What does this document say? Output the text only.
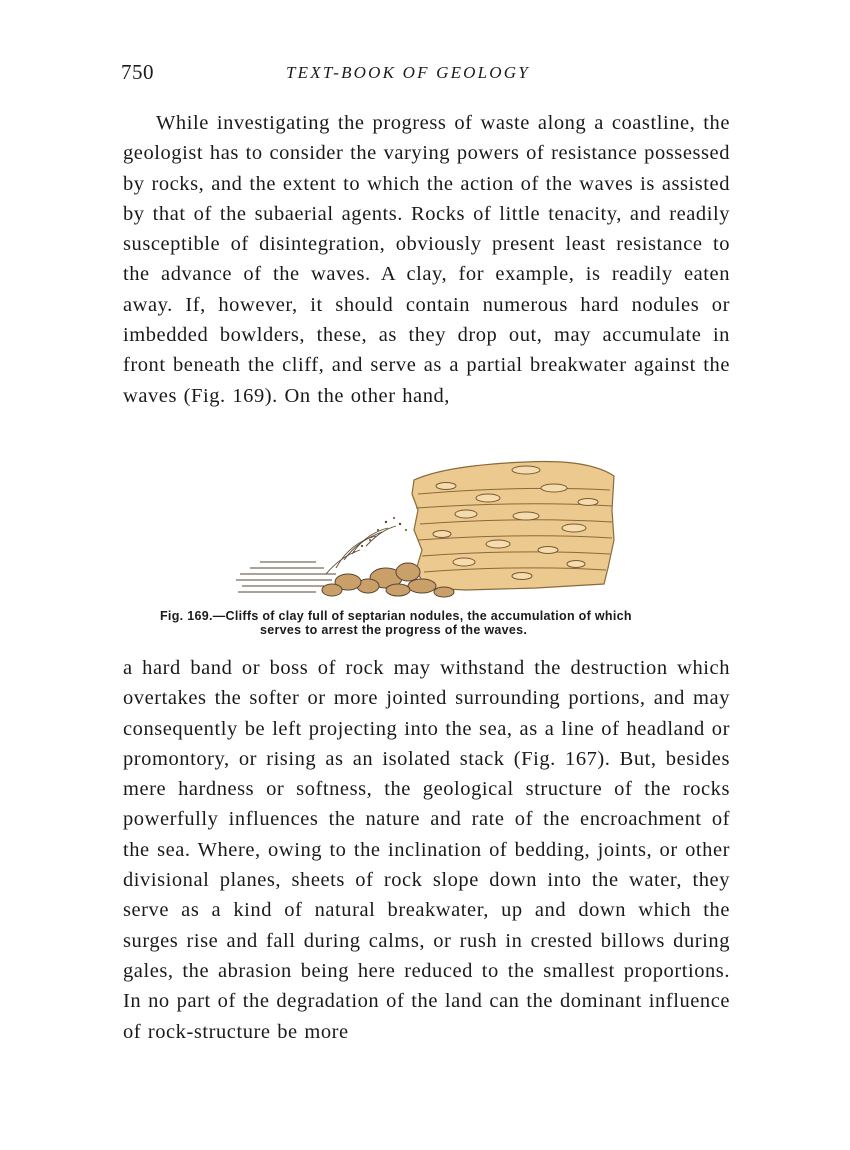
750	TEXT-BOOK OF GEOLOGY

While investigating the progress of waste along a coastline, the geologist has to consider the varying powers of resistance possessed by rocks, and the extent to which the action of the waves is assisted by that of the subaerial agents. Rocks of little tenacity, and readily susceptible of disintegration, obviously present least resistance to the advance of the waves. A clay, for example, is readily eaten away. If, however, it should contain numerous hard nodules or imbedded bowlders, these, as they drop out, may accumulate in front beneath the cliff, and serve as a partial breakwater against the waves (Fig. 169). On the other hand,

Fig. 169.—Cliffs of clay full of septarian nodules, the accumulation of which
serves to arrest the progress of the waves.

a hard band or boss of rock may withstand the destruction which overtakes the softer or more jointed surrounding portions, and may consequently be left projecting into the sea, as a line of headland or promontory, or rising as an isolated stack (Fig. 167). But, besides mere hardness or softness, the geological structure of the rocks powerfully influences the nature and rate of the encroachment of the sea. Where, owing to the inclination of bedding, joints, or other divisional planes, sheets of rock slope down into the water, they serve as a kind of natural breakwater, up and down which the surges rise and fall during calms, or rush in crested billows during gales, the abrasion being here reduced to the smallest proportions. In no part of the degradation of the land can the dominant influence of rock-structure be more
